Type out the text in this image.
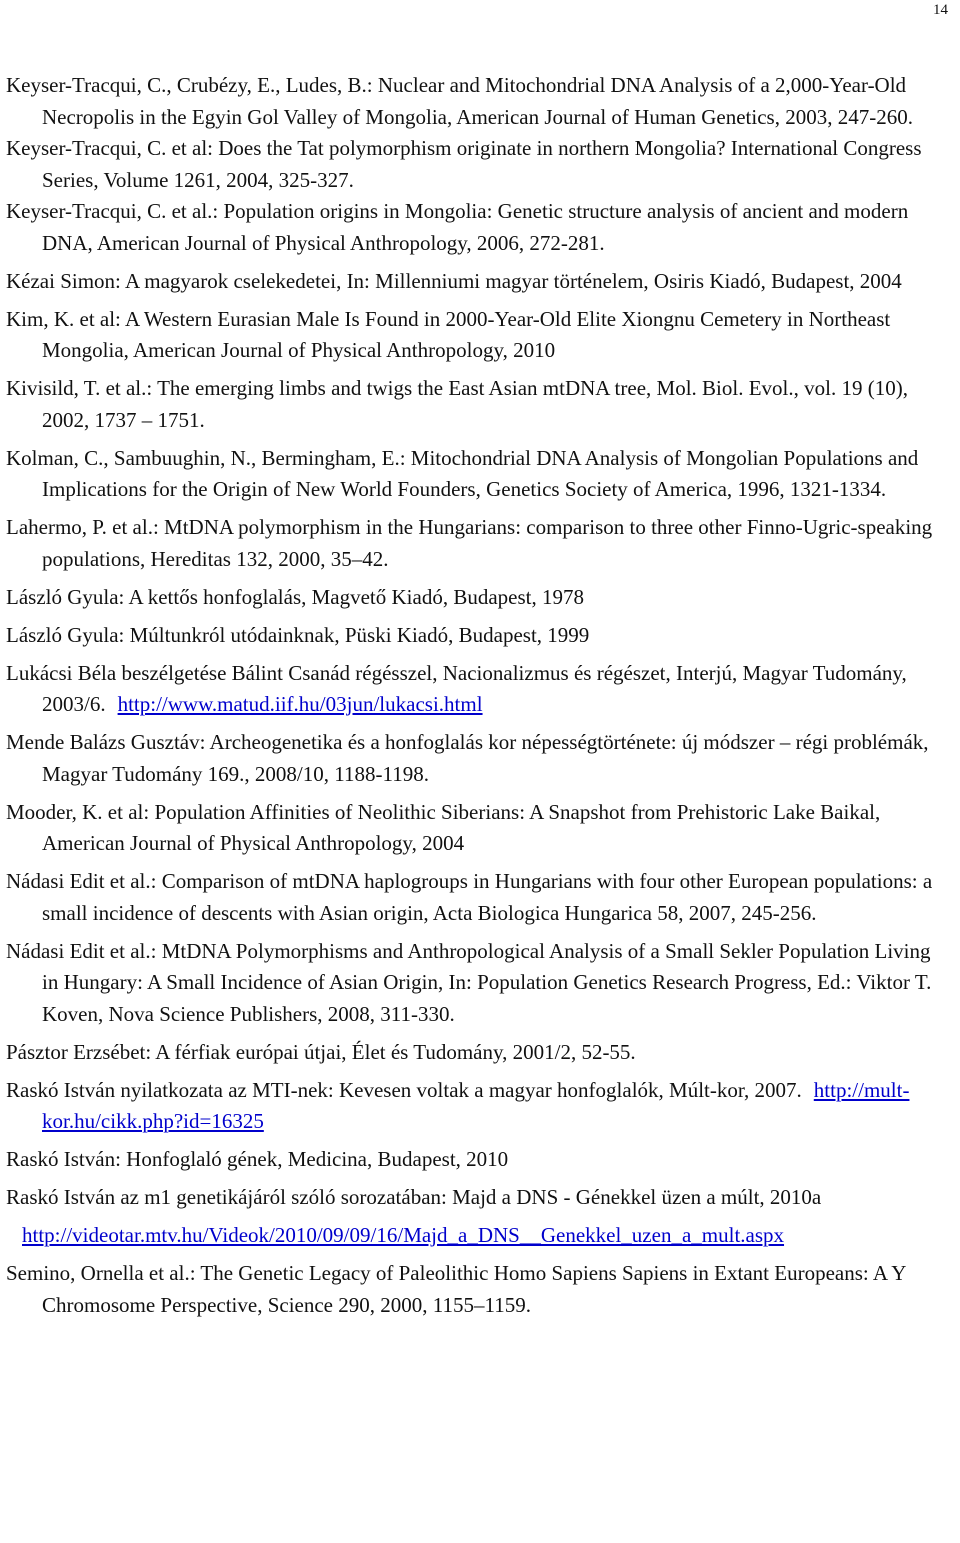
14

Keyser-Tracqui, C., Crubézy, E., Ludes, B.: Nuclear and Mitochondrial DNA Analysis of a 2,000-Year-Old Necropolis in the Egyin Gol Valley of Mongolia, American Journal of Human Genetics, 2003, 247-260.

Keyser-Tracqui, C. et al: Does the Tat polymorphism originate in northern Mongolia? International Congress Series, Volume 1261, 2004, 325-327.

Keyser-Tracqui, C. et al.: Population origins in Mongolia: Genetic structure analysis of ancient and modern DNA, American Journal of Physical Anthropology, 2006, 272-281.

Kézai Simon: A magyarok cselekedetei, In: Millenniumi magyar történelem, Osiris Kiadó, Budapest, 2004

Kim, K. et al: A Western Eurasian Male Is Found in 2000-Year-Old Elite Xiongnu Cemetery in Northeast Mongolia, American Journal of Physical Anthropology, 2010

Kivisild, T. et al.: The emerging limbs and twigs the East Asian mtDNA tree, Mol. Biol. Evol., vol. 19 (10), 2002, 1737 – 1751.

Kolman, C., Sambuughin, N., Bermingham, E.: Mitochondrial DNA Analysis of Mongolian Populations and Implications for the Origin of New World Founders, Genetics Society of America, 1996, 1321-1334.

Lahermo, P. et al.: MtDNA polymorphism in the Hungarians: comparison to three other Finno-Ugric-speaking populations, Hereditas 132, 2000, 35–42.

László Gyula: A kettős honfoglalás, Magvető Kiadó, Budapest, 1978

László Gyula: Múltunkról utódainknak, Püski Kiadó, Budapest, 1999

Lukácsi Béla beszélgetése Bálint Csanád régésszel, Nacionalizmus és régészet, Interjú, Magyar Tudomány, 2003/6. http://www.matud.iif.hu/03jun/lukacsi.html

Mende Balázs Gusztáv: Archeogenetika és a honfoglalás kor népességtörténete: új módszer – régi problémák, Magyar Tudomány 169., 2008/10, 1188-1198.

Mooder, K. et al: Population Affinities of Neolithic Siberians: A Snapshot from Prehistoric Lake Baikal, American Journal of Physical Anthropology, 2004

Nádasi Edit et al.: Comparison of mtDNA haplogroups in Hungarians with four other European populations: a small incidence of descents with Asian origin, Acta Biologica Hungarica 58, 2007, 245-256.

Nádasi Edit et al.: MtDNA Polymorphisms and Anthropological Analysis of a Small Sekler Population Living in Hungary: A Small Incidence of Asian Origin, In: Population Genetics Research Progress, Ed.: Viktor T. Koven, Nova Science Publishers, 2008, 311-330.

Pásztor Erzsébet: A férfiak európai útjai, Élet és Tudomány, 2001/2, 52-55.

Raskó István nyilatkozata az MTI-nek: Kevesen voltak a magyar honfoglalók, Múlt-kor, 2007. http://mult-kor.hu/cikk.php?id=16325

Raskó István: Honfoglaló gének, Medicina, Budapest, 2010

Raskó István az m1 genetikájáról szóló sorozatában: Majd a DNS - Génekkel üzen a múlt, 2010a

http://videotar.mtv.hu/Videok/2010/09/09/16/Majd_a_DNS__Genekkel_uzen_a_mult.aspx

Semino, Ornella et al.: The Genetic Legacy of Paleolithic Homo Sapiens Sapiens in Extant Europeans: A Y Chromosome Perspective, Science 290, 2000, 1155–1159.
